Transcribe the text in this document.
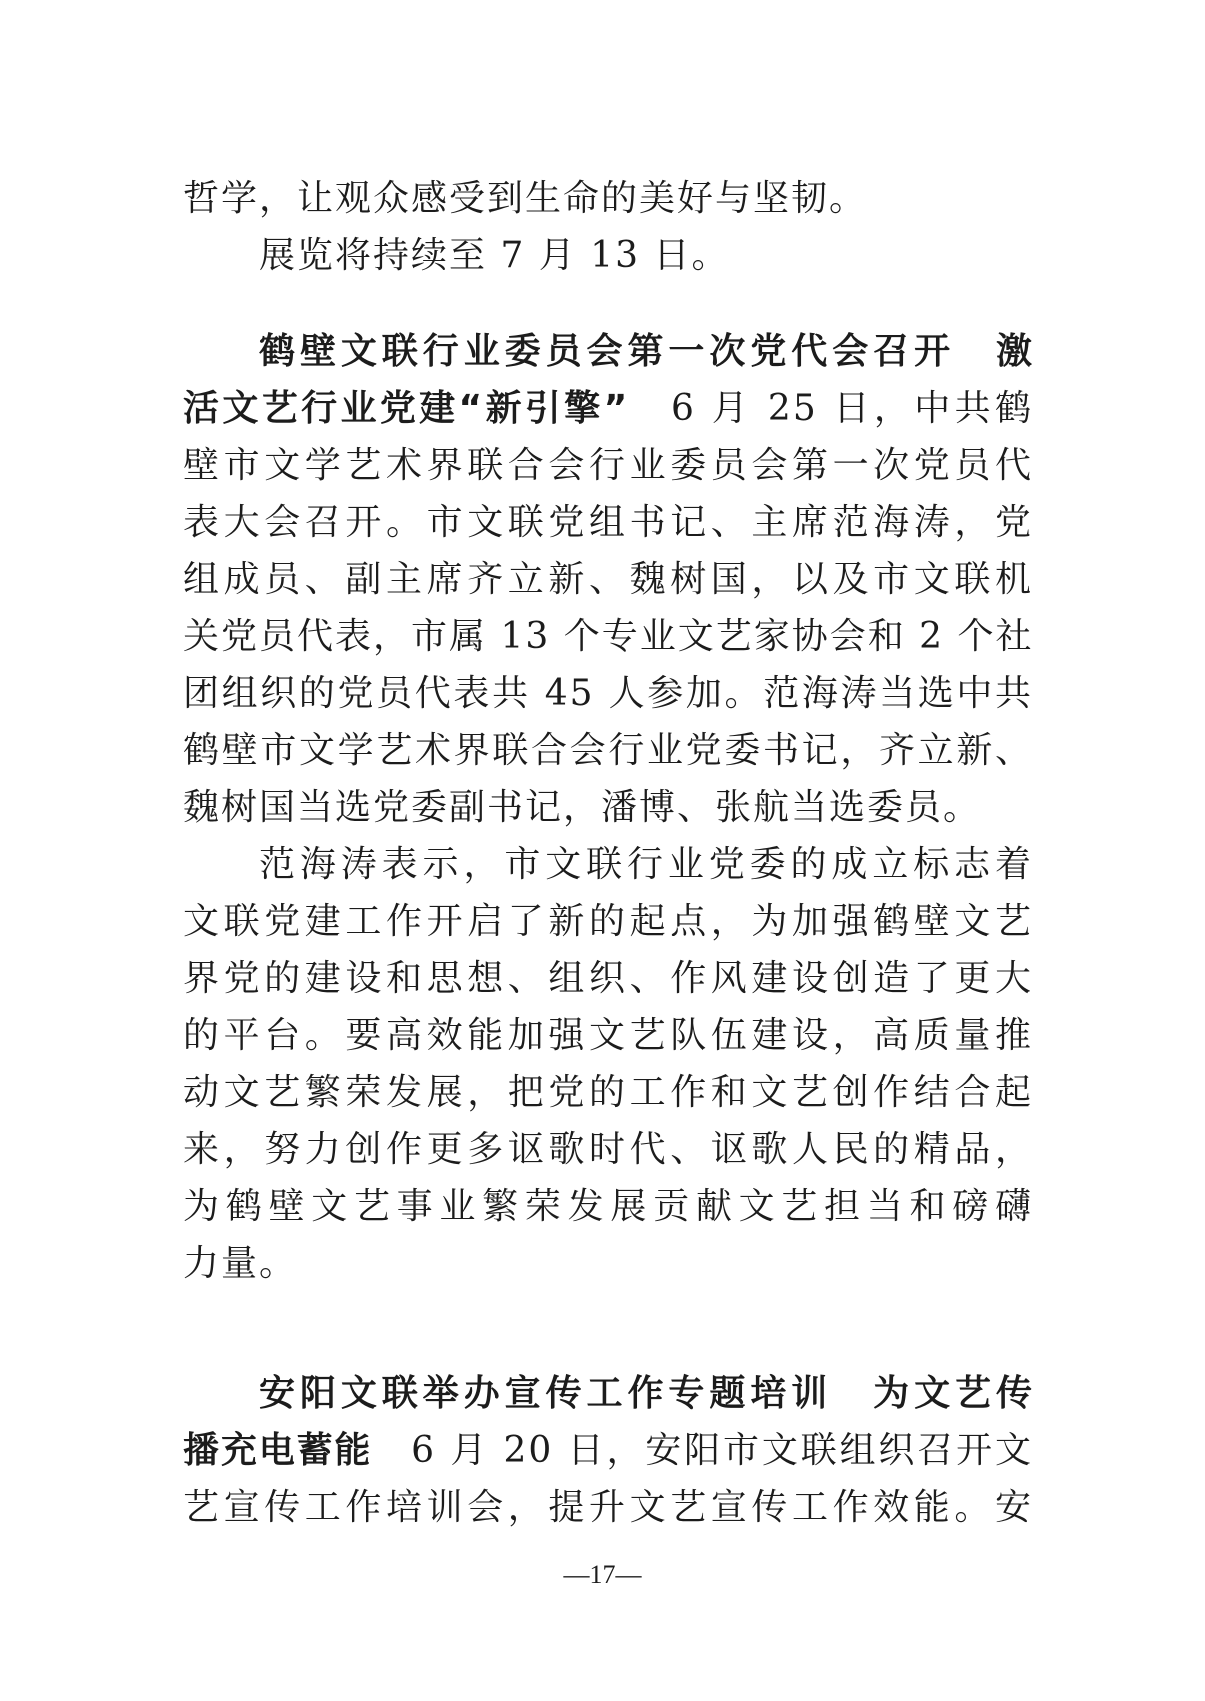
哲学，让观众感受到生命的美好与坚韧。
展览将持续至 7 月 13 日。
鹤壁文联行业委员会第一次党代会召开　激
活文艺行业党建“新引擎”　6 月 25 日，中共鹤
壁市文学艺术界联合会行业委员会第一次党员代
表大会召开。市文联党组书记、主席范海涛，党
组成员、副主席齐立新、魏树国，以及市文联机
关党员代表，市属 13 个专业文艺家协会和 2 个社
团组织的党员代表共 45 人参加。范海涛当选中共
鹤壁市文学艺术界联合会行业党委书记，齐立新、
魏树国当选党委副书记，潘博、张航当选委员。
范海涛表示，市文联行业党委的成立标志着
文联党建工作开启了新的起点，为加强鹤壁文艺
界党的建设和思想、组织、作风建设创造了更大
的平台。要高效能加强文艺队伍建设，高质量推
动文艺繁荣发展，把党的工作和文艺创作结合起
来，努力创作更多讴歌时代、讴歌人民的精品，
为鹤壁文艺事业繁荣发展贡献文艺担当和磅礴
力量。
安阳文联举办宣传工作专题培训　为文艺传
播充电蓄能　6 月 20 日，安阳市文联组织召开文
艺宣传工作培训会，提升文艺宣传工作效能。安
—17—
